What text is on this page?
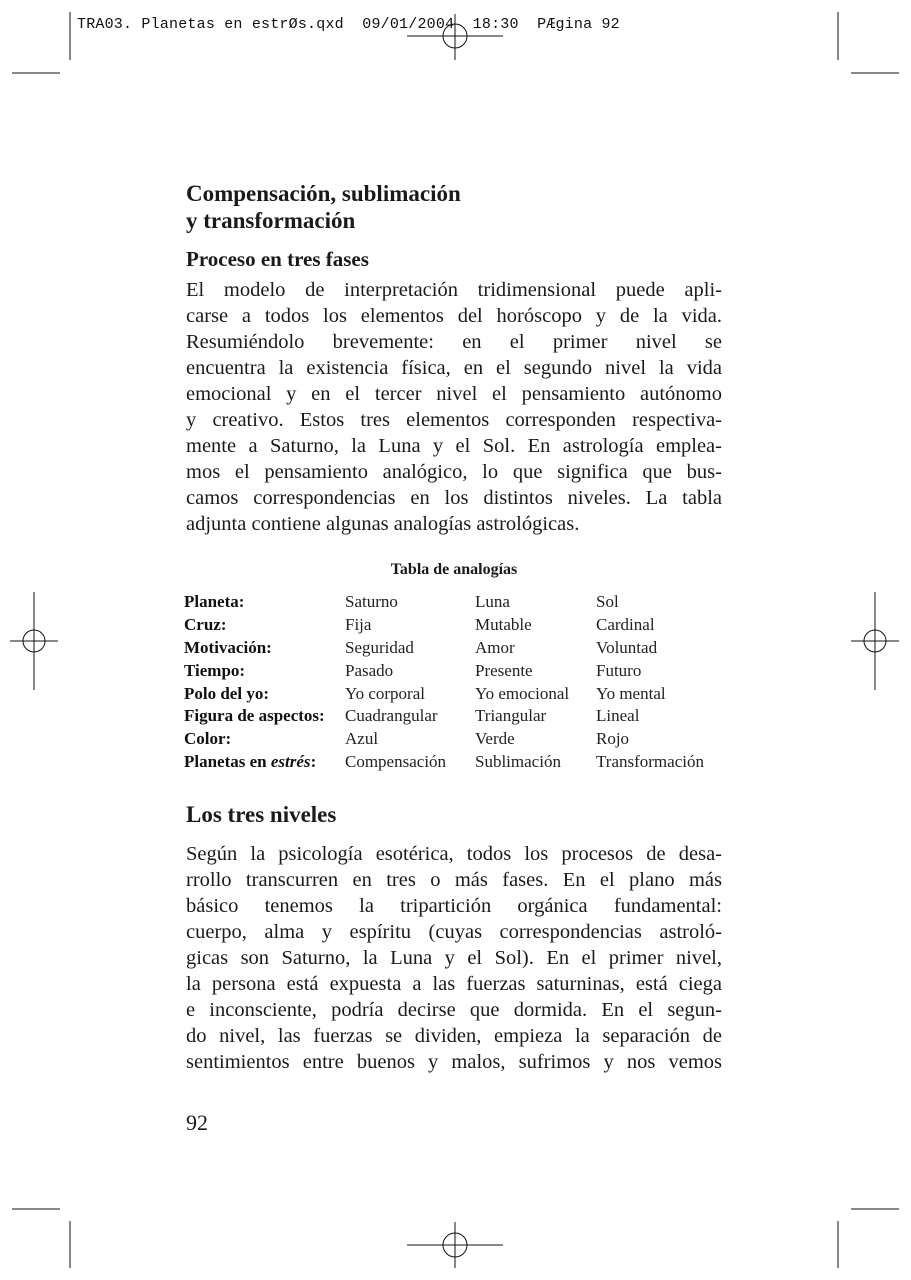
TRA03. Planetas en estrØs.qxd  09/01/2004  18:30  PÆgina 92
Compensación, sublimación
y transformación
Proceso en tres fases

El modelo de interpretación tridimensional puede apli-

carse a todos los elementos del horóscopo y de la vida.

Resumiéndolo brevemente: en el primer nivel se

encuentra la existencia física, en el segundo nivel la vida

emocional y en el tercer nivel el pensamiento autónomo

y creativo. Estos tres elementos corresponden respectiva-

mente a Saturno, la Luna y el Sol. En astrología emplea-

mos el pensamiento analógico, lo que significa que bus-

camos correspondencias en los distintos niveles. La tabla

adjunta contiene algunas analogías astrológicas.

Tabla de analogías
Planeta:	Saturno	Luna	Sol
Cruz:	Fija	Mutable	Cardinal
Motivación:	Seguridad	Amor	Voluntad
Tiempo:	Pasado	Presente	Futuro
Polo del yo:	Yo corporal	Yo emocional	Yo mental
Figura de aspectos:	Cuadrangular	Triangular	Lineal
Color:	Azul	Verde	Rojo
Planetas en estrés:	Compensación	Sublimación	Transformación
Los tres niveles

Según la psicología esotérica, todos los procesos de desa-

rrollo transcurren en tres o más fases. En el plano más

básico tenemos la tripartición orgánica fundamental:

cuerpo, alma y espíritu (cuyas correspondencias astroló-

gicas son Saturno, la Luna y el Sol). En el primer nivel,

la persona está expuesta a las fuerzas saturninas, está ciega

e inconsciente, podría decirse que dormida. En el segun-

do nivel, las fuerzas se dividen, empieza la separación de

sentimientos entre buenos y malos, sufrimos y nos vemos

92
